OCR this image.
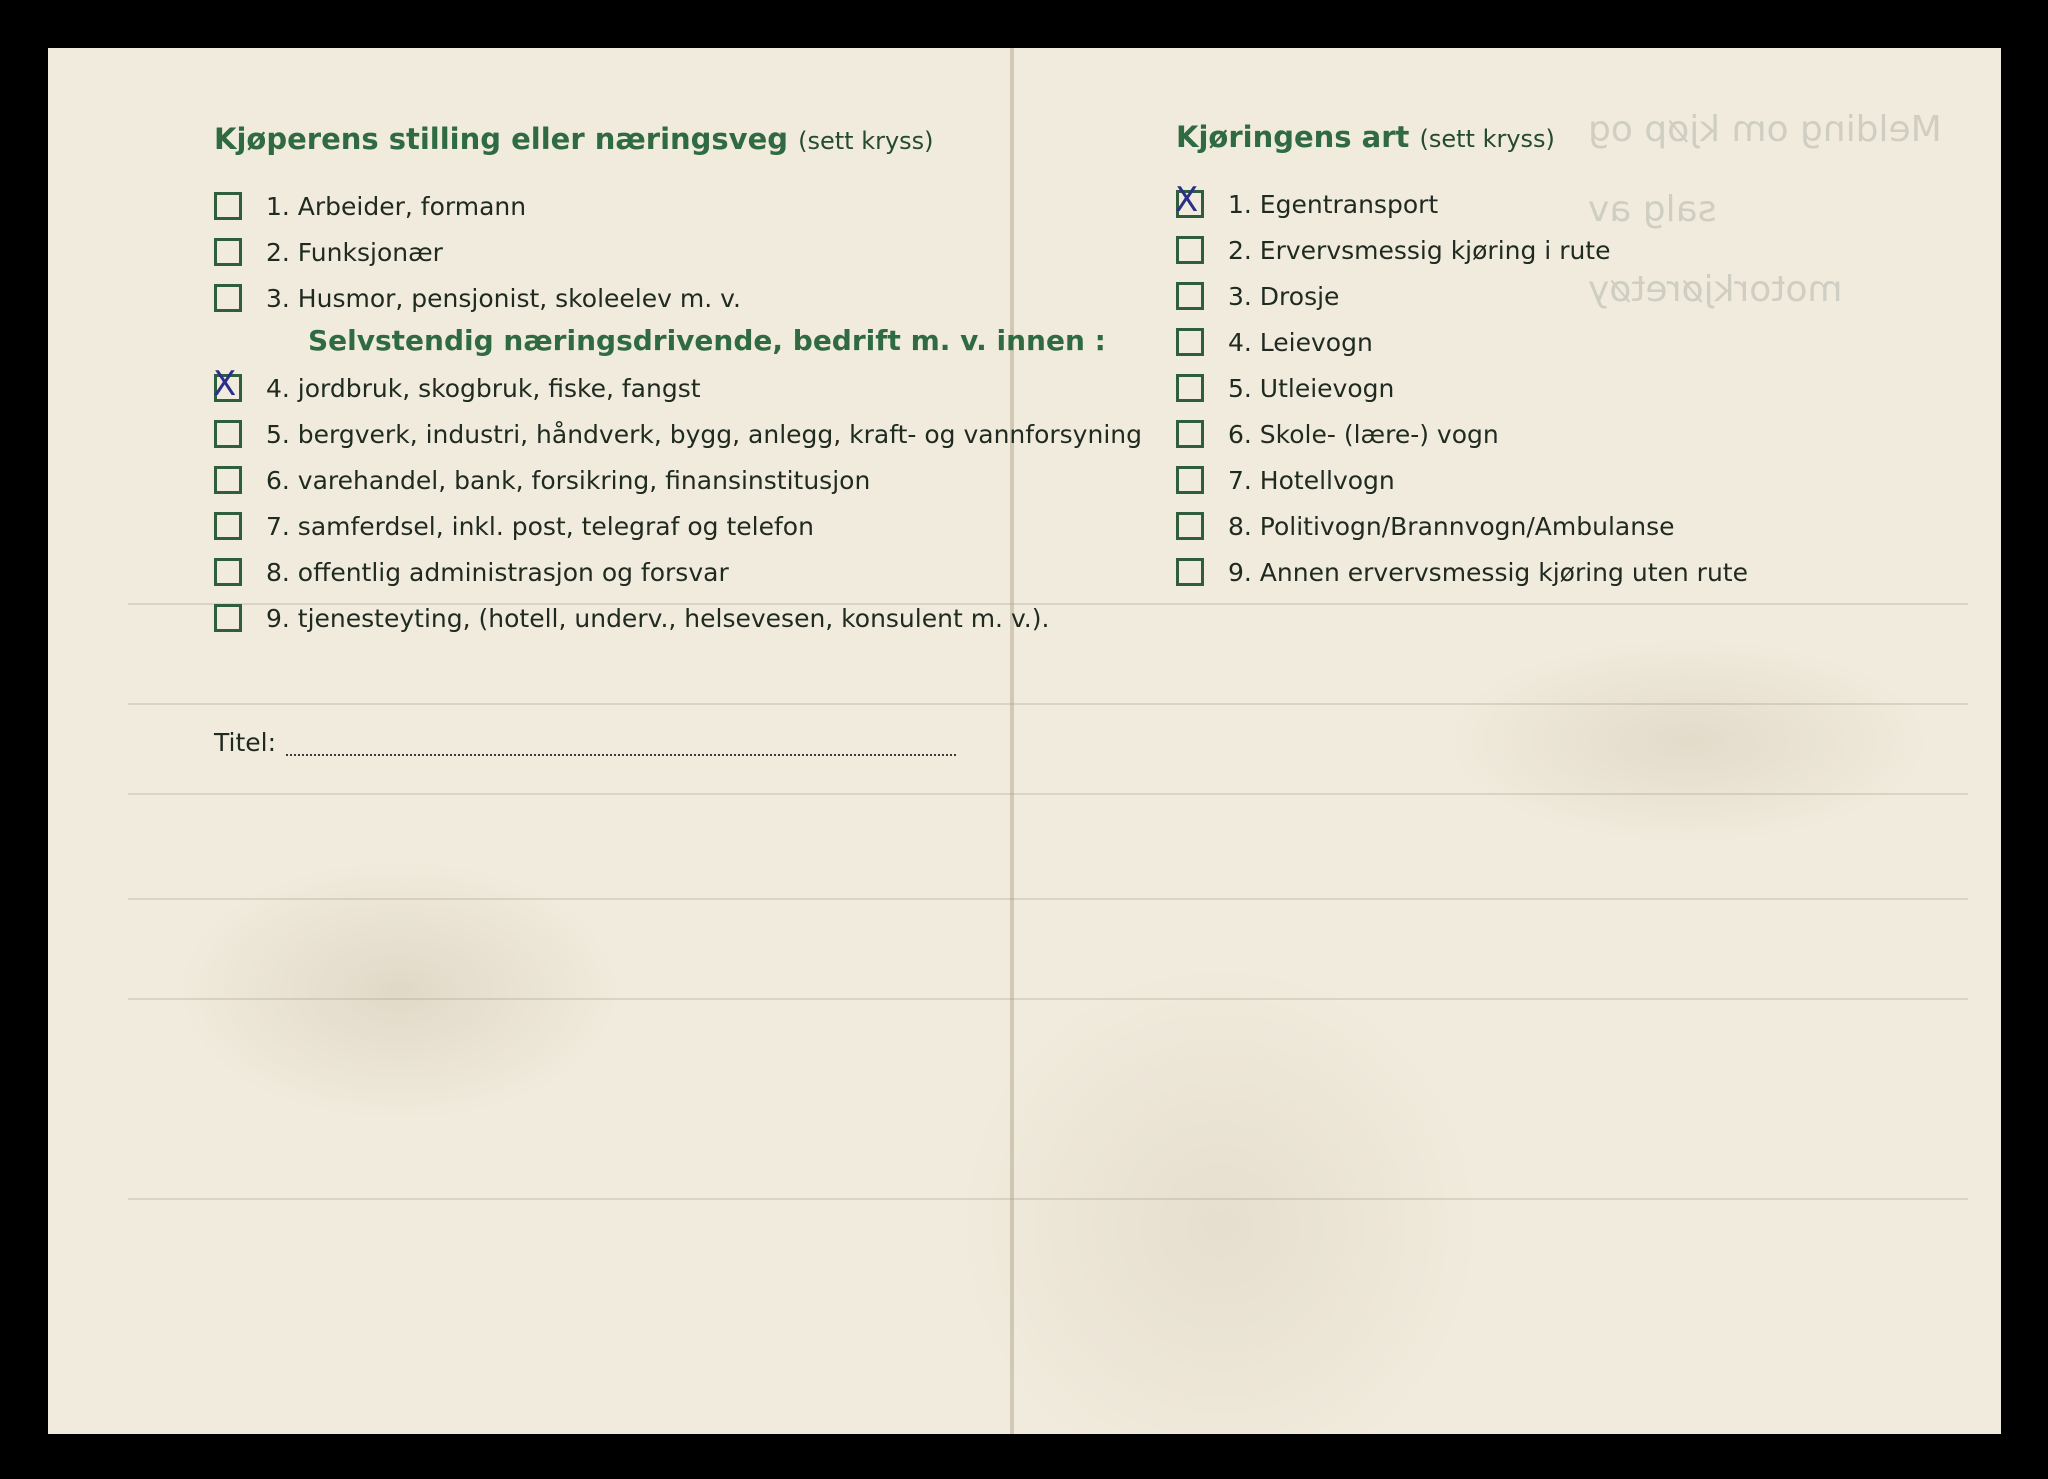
Melding om kjøp og salg av motorkjøretøy
Kjøperens stilling eller næringsveg (sett kryss)
1. Arbeider, formann
2. Funksjonær
3. Husmor, pensjonist, skoleelev m. v.
Selvstendig næringsdrivende, bedrift m. v. innen :
X 4. jordbruk, skogbruk, fiske, fangst
5. bergverk, industri, håndverk, bygg, anlegg, kraft- og vannforsyning
6. varehandel, bank, forsikring, finansinstitusjon
7. samferdsel, inkl. post, telegraf og telefon
8. offentlig administrasjon og forsvar
9. tjenesteyting, (hotell, underv., helsevesen, konsulent m. v.).
Titel:
Kjøringens art (sett kryss)
X 1. Egentransport
2. Ervervsmessig kjøring i rute
3. Drosje
4. Leievogn
5. Utleievogn
6. Skole- (lære-) vogn
7. Hotellvogn
8. Politivogn/Brannvogn/Ambulanse
9. Annen ervervsmessig kjøring uten rute
